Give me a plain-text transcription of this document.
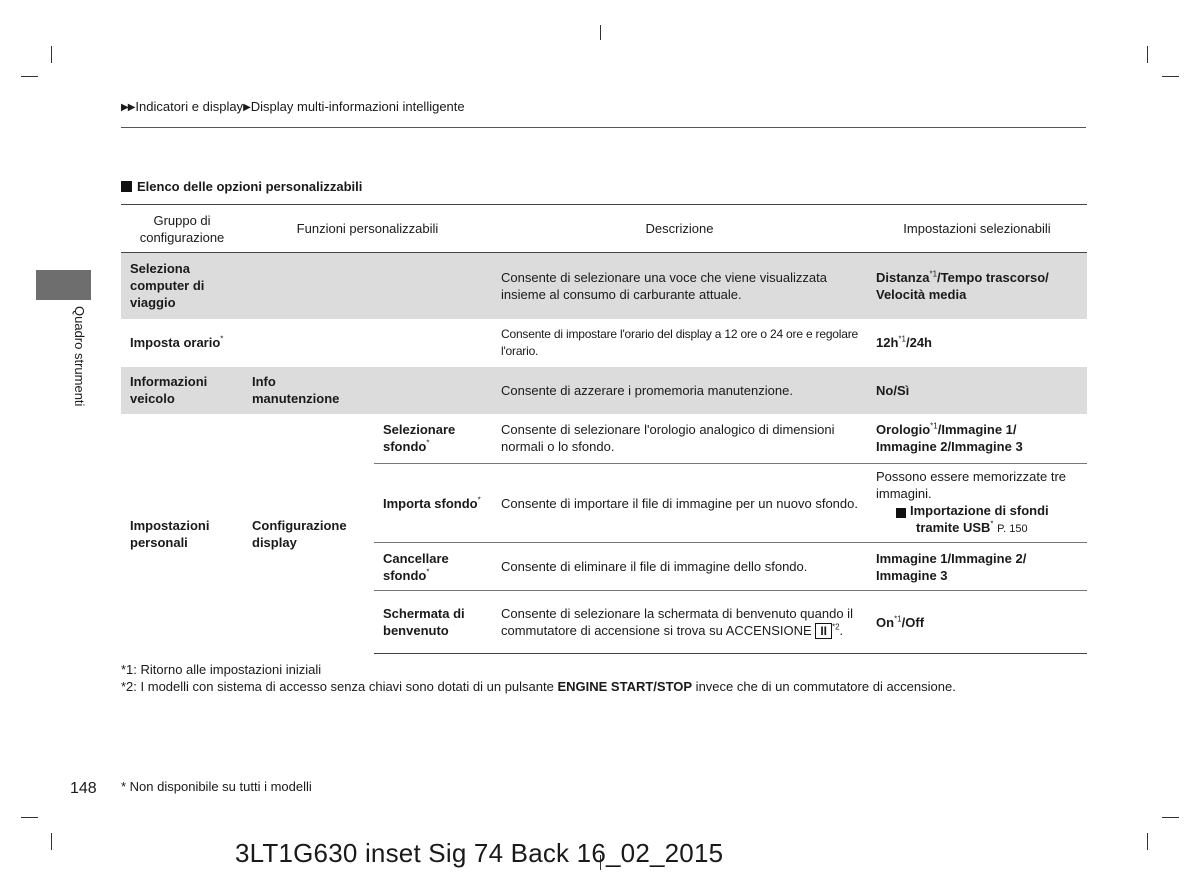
▶▶Indicatori e display▶Display multi-informazioni intelligente
Quadro strumenti
Elenco delle opzioni personalizzabili
Gruppo di configurazione	Funzioni personalizzabili		Descrizione	Impostazioni selezionabili
Seleziona computer di viaggio			Consente di selezionare una voce che viene visualizzata insieme al consumo di carburante attuale.	Distanza$^{*1}$/Tempo trascorso/ Velocità media
Imposta orario*			Consente di impostare l'orario del display a 12 ore o 24 ore e regolare l'orario.	$12h^{*1}/24h$
Informazioni veicolo	Info manutenzione		Consente di azzerare i promemoria manutenzione.	No/Sì
Impostazioni personali	Configurazione display	Selezionare sfondo*	Consente di selezionare l'orologio analogico di dimensioni normali o lo sfondo.	Orologio$^{*1}$/Immagine 1/ Immagine 2/Immagine 3
		Importa sfondo*	Consente di importare il file di immagine per un nuovo sfondo.	Possono essere memorizzate tre immagini.
➔ Importazione di sfondi tramite USB* P. 150

		Cancellare sfondo*	Consente di eliminare il file di immagine dello sfondo.	Immagine 1/Immagine 2/ Immagine 3
		Schermata di benvenuto	Consente di selezionare la schermata di benvenuto quando il commutatore di accensione si trova su ACCENSIONE II $^{*2}$.	On$^{*1}$/Off
*1: Ritorno alle impostazioni iniziali
*2: I modelli con sistema di accesso senza chiavi sono dotati di un pulsante ENGINE START/STOP invece che di un commutatore di accensione.
148 * Non disponibile su tutti i modelli
3LT1G630 inset Sig 74 Back 16_02_2015
